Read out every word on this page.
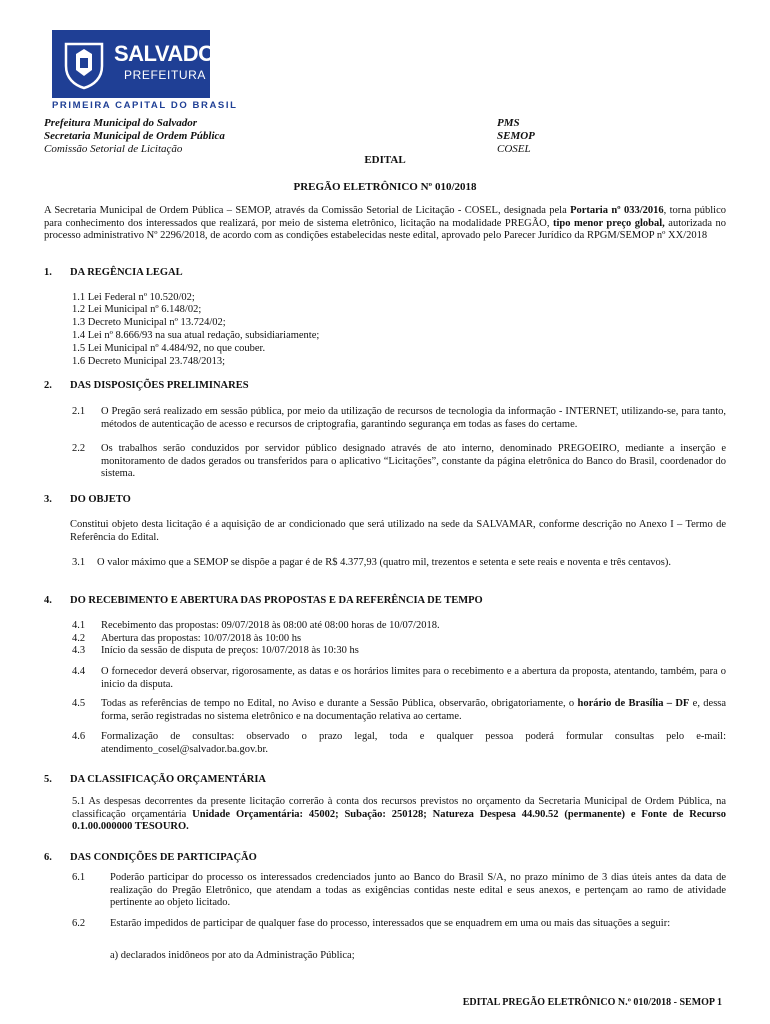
SALVADOR
PREFEITURA
PRIMEIRA CAPITAL DO BRASIL
Prefeitura Municipal do Salvador
Secretaria Municipal de Ordem Pública
Comissão Setorial de Licitação
PMS
SEMOP
COSEL
EDITAL
PREGÃO ELETRÔNICO Nº 010/2018
A Secretaria Municipal de Ordem Pública – SEMOP, através da Comissão Setorial de Licitação - COSEL, designada pela Portaria nº 033/2016, torna público para conhecimento dos interessados que realizará, por meio de sistema eletrônico, licitação na modalidade PREGÃO, tipo menor preço global, autorizada no processo administrativo Nº 2296/2018, de acordo com as condições estabelecidas neste edital, aprovado pelo Parecer Jurídico da RPGM/SEMOP nº XX/2018
1. DA REGÊNCIA LEGAL
1.1 Lei Federal nº 10.520/02;
1.2 Lei Municipal nº 6.148/02;
1.3 Decreto Municipal nº 13.724/02;
1.4 Lei nº 8.666/93 na sua atual redação, subsidiariamente;
1.5 Lei Municipal nº 4.484/92, no que couber.
1.6 Decreto Municipal 23.748/2013;
2. DAS DISPOSIÇÕES PRELIMINARES
2.1 O Pregão será realizado em sessão pública, por meio da utilização de recursos de tecnologia da informação - INTERNET, utilizando-se, para tanto, métodos de autenticação de acesso e recursos de criptografia, garantindo segurança em todas as fases do certame.
2.2 Os trabalhos serão conduzidos por servidor público designado através de ato interno, denominado PREGOEIRO, mediante a inserção e monitoramento de dados gerados ou transferidos para o aplicativo “Licitações”, constante da página eletrônica do Banco do Brasil, coordenador do sistema.
3. DO OBJETO
Constitui objeto desta licitação é a aquisição de ar condicionado que será utilizado na sede da SALVAMAR, conforme descrição no Anexo I – Termo de Referência do Edital.
3.1 O valor máximo que a SEMOP se dispõe a pagar é de R$ 4.377,93 (quatro mil, trezentos e setenta e sete reais e noventa e três centavos).
4. DO RECEBIMENTO E ABERTURA DAS PROPOSTAS E DA REFERÊNCIA DE TEMPO
4.1 Recebimento das propostas: 09/07/2018 às 08:00 até 08:00 horas de 10/07/2018.
4.2 Abertura das propostas: 10/07/2018 às 10:00 hs
4.3 Início da sessão de disputa de preços: 10/07/2018 às 10:30 hs
4.4 O fornecedor deverá observar, rigorosamente, as datas e os horários limites para o recebimento e a abertura da proposta, atentando, também, para o inicio da disputa.
4.5 Todas as referências de tempo no Edital, no Aviso e durante a Sessão Pública, observarão, obrigatoriamente, o horário de Brasília – DF e, dessa forma, serão registradas no sistema eletrônico e na documentação relativa ao certame.
4.6 Formalização de consultas: observado o prazo legal, toda e qualquer pessoa poderá formular consultas pelo e-mail: atendimento_cosel@salvador.ba.gov.br.
5. DA CLASSIFICAÇÃO ORÇAMENTÁRIA
5.1 As despesas decorrentes da presente licitação correrão à conta dos recursos previstos no orçamento da Secretaria Municipal de Ordem Pública, na classificação orçamentária Unidade Orçamentária: 45002; Subação: 250128; Natureza Despesa 44.90.52 (permanente) e Fonte de Recurso 0.1.00.000000 TESOURO.
6. DAS CONDIÇÕES DE PARTICIPAÇÃO
6.1 Poderão participar do processo os interessados credenciados junto ao Banco do Brasil S/A, no prazo mínimo de 3 dias úteis antes da data de realização do Pregão Eletrônico, que atendam a todas as exigências contidas neste edital e seus anexos, e pertençam ao ramo de atividade pertinente ao objeto licitado.
6.2 Estarão impedidos de participar de qualquer fase do processo, interessados que se enquadrem em uma ou mais das situações a seguir:
a) declarados inidôneos por ato da Administração Pública;
EDITAL PREGÃO ELETRÔNICO N.º 010/2018 - SEMOP 1
